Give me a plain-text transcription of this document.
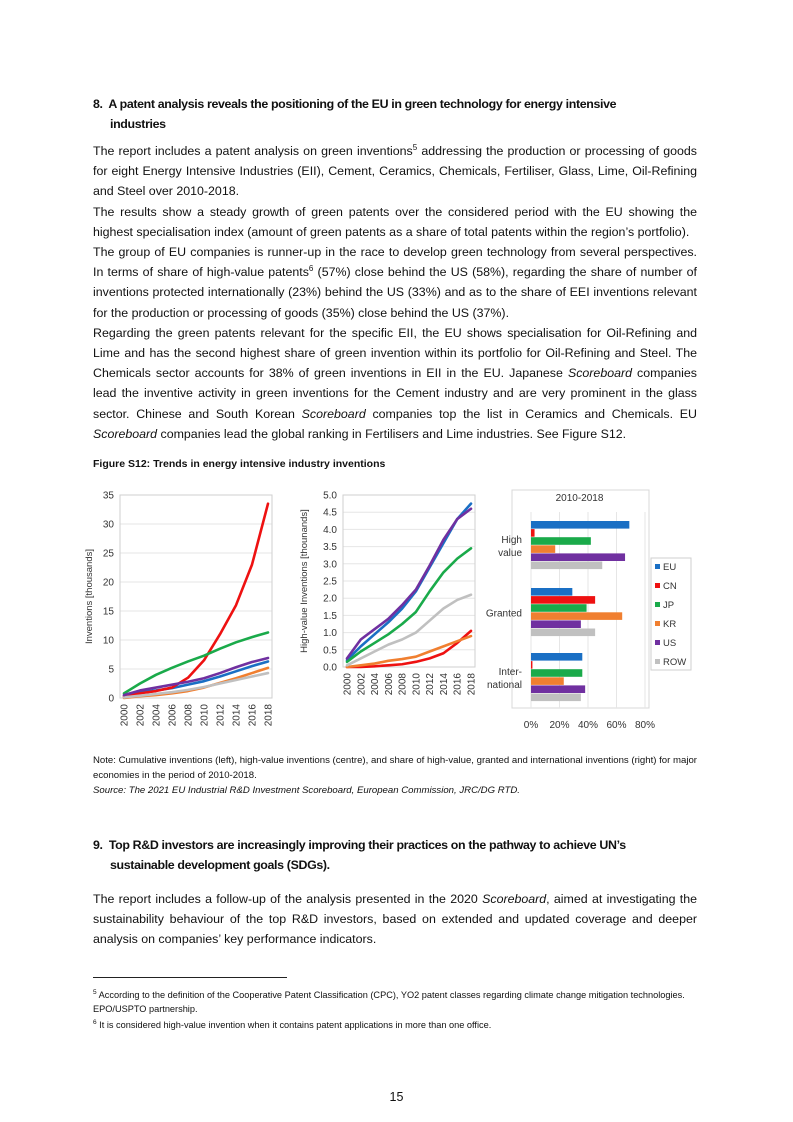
8. A patent analysis reveals the positioning of the EU in green technology for energy intensive
industries

The report includes a patent analysis on green inventions$^5$ addressing the production or processing of goods for eight Energy Intensive Industries (EII), Cement, Ceramics, Chemicals, Fertiliser, Glass, Lime, Oil-Refining and Steel over 2010-2018.

The results show a steady growth of green patents over the considered period with the EU showing the highest specialisation index (amount of green patents as a share of total patents within the region’s portfolio).

The group of EU companies is runner-up in the race to develop green technology from several perspectives. In terms of share of high-value patents$^6$ (57%) close behind the US (58%), regarding the share of number of inventions protected internationally (23%) behind the US (33%) and as to the share of EEI inventions relevant for the production or processing of goods (35%) close behind the US (37%).

Regarding the green patents relevant for the specific EII, the EU shows specialisation for Oil-Refining and Lime and has the second highest share of green invention within its portfolio for Oil-Refining and Steel. The Chemicals sector accounts for 38% of green inventions in EII in the EU. Japanese Scoreboard companies lead the inventive activity in green inventions for the Cement industry and are very prominent in the glass sector. Chinese and South Korean Scoreboard companies top the list in Ceramics and Chemicals. EU Scoreboard companies lead the global ranking in Fertilisers and Lime industries. See Figure S12.

Figure S12: Trends in energy intensive industry inventions
0
5
10
15
20
25
30
35
2000 2002 2004 2006 2008 2010 2012 2014 2016 2018
Inventions [thousands]
0.0
0.5
1.0
1.5
2.0
2.5
3.0
3.5
4.0
4.5
5.0
2000 2002 2004 2006 2008 2010 2012 2014 2016 2018
High-value Inventions [thounands]
2010-2018
0% 20% 40% 60% 80%
High
value
Granted
Inter-
national
EU
CN
JP
KR
US
ROW
Note: Cumulative inventions (left), high-value inventions (centre), and share of high-value, granted and international inventions (right) for major economies in the period of 2010-2018.
Source: The 2021 EU Industrial R&D Investment Scoreboard, European Commission, JRC/DG RTD.
9. Top R&D investors are increasingly improving their practices on the pathway to achieve UN’s
sustainable development goals (SDGs).

The report includes a follow-up of the analysis presented in the 2020 Scoreboard, aimed at investigating the sustainability behaviour of the top R&D investors, based on extended and updated coverage and deeper analysis on companies’ key performance indicators.

$^5$ According to the definition of the Cooperative Patent Classification (CPC), YO2 patent classes regarding climate change mitigation technologies. EPO/USPTO partnership.
$^6$ It is considered high-value invention when it contains patent applications in more than one office.
15
